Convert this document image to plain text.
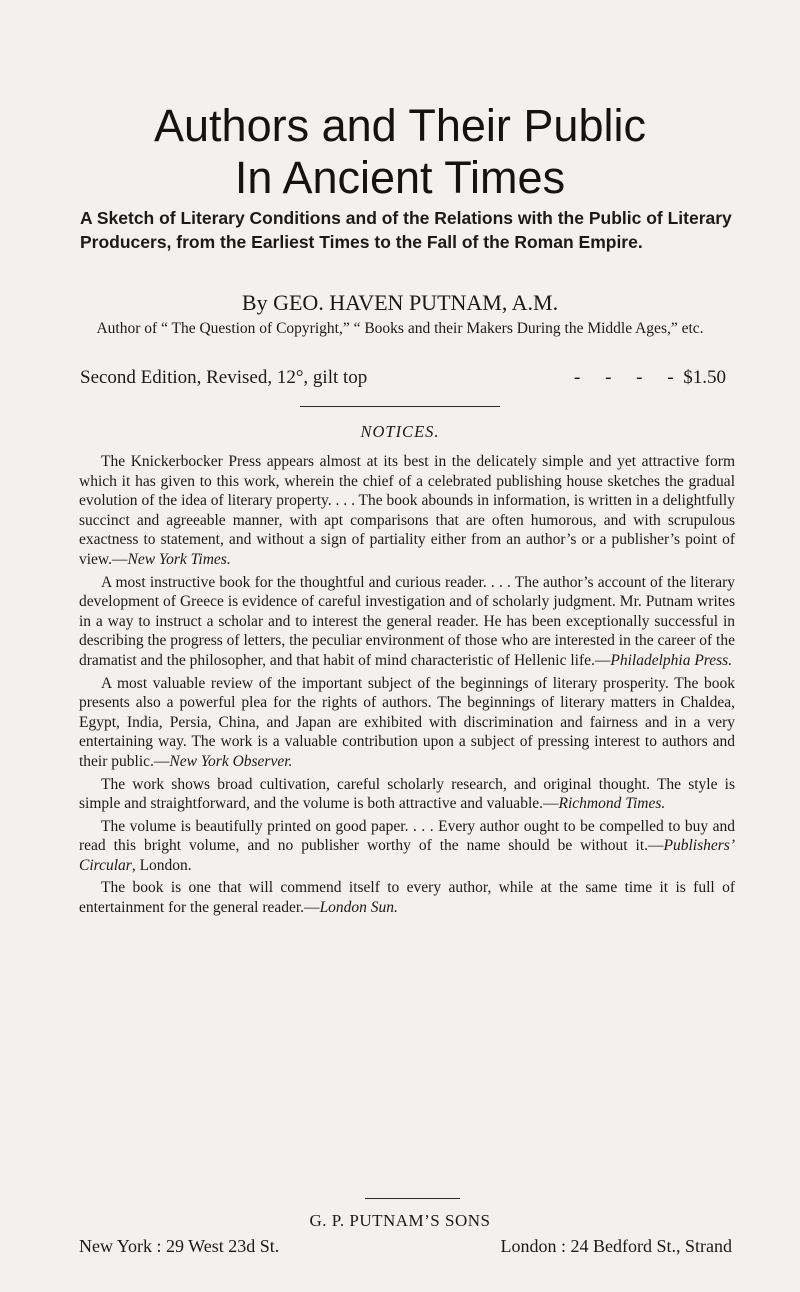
Authors and Their Public
In Ancient Times
A Sketch of Literary Conditions and of the Relations with the Public of Literary Producers, from the Earliest Times to the Fall of the Roman Empire.
By GEO. HAVEN PUTNAM, A.M.
Author of “ The Question of Copyright,” “ Books and their Makers During the Middle Ages,” etc.
Second Edition, Revised, 12°, gilt top	- - - - $1.50
NOTICES.

The Knickerbocker Press appears almost at its best in the delicately simple and yet attractive form which it has given to this work, wherein the chief of a celebrated publishing house sketches the gradual evolution of the idea of literary property. . . . The book abounds in information, is written in a delightfully succinct and agreeable manner, with apt comparisons that are often humorous, and with scrupulous exactness to statement, and without a sign of partiality either from an author’s or a publisher’s point of view.—New York Times.

A most instructive book for the thoughtful and curious reader. . . . The author’s account of the literary development of Greece is evidence of careful investigation and of scholarly judgment. Mr. Putnam writes in a way to instruct a scholar and to interest the general reader. He has been exceptionally successful in describing the progress of letters, the peculiar environment of those who are interested in the career of the dramatist and the philosopher, and that habit of mind characteristic of Hellenic life.—Philadelphia Press.

A most valuable review of the important subject of the beginnings of literary prosperity. The book presents also a powerful plea for the rights of authors. The beginnings of literary matters in Chaldea, Egypt, India, Persia, China, and Japan are exhibited with discrimination and fairness and in a very entertaining way. The work is a valuable contribution upon a subject of pressing interest to authors and their public.—New York Observer.

The work shows broad cultivation, careful scholarly research, and original thought. The style is simple and straightforward, and the volume is both attractive and valuable.—Richmond Times.

The volume is beautifully printed on good paper. . . . Every author ought to be compelled to buy and read this bright volume, and no publisher worthy of the name should be without it.—Publishers’ Circular, London.

The book is one that will commend itself to every author, while at the same time it is full of entertainment for the general reader.—London Sun.

G. P. PUTNAM’S SONS
New York : 29 West 23d St.	London : 24 Bedford St., Strand
